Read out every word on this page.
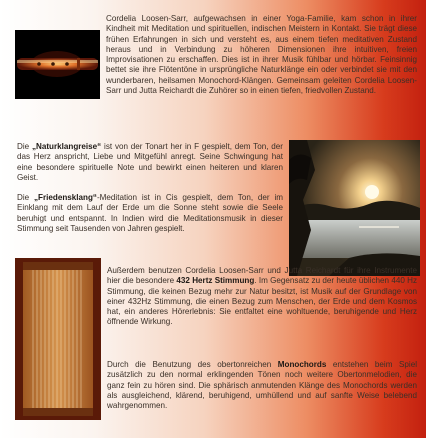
Cordelia Loosen-Sarr, aufgewachsen in einer Yoga-Familie, kam schon in ihrer Kindheit mit Meditation und spirituellen, indischen Meistern in Kontakt. Sie trägt diese frühen Erfahrungen in sich und versteht es, aus einem tiefen meditativen Zustand heraus und in Verbindung zu höheren Dimensionen ihre intuitiven, freien Improvisationen zu erschaffen. Dies ist in ihrer Musik fühlbar und hörbar. Feinsinnig bettet sie ihre Flötentöne in ursprüngliche Naturklänge ein oder verbindet sie mit den wunderbaren, heilsamen Monochord-Klängen. Gemeinsam geleiten Cordelia Loosen-Sarr und Jutta Reichardt die Zuhörer so in einen tiefen, friedvollen Zustand.

Die „Naturklangreise“ ist von der Tonart her in F gespielt, dem Ton, der das Herz anspricht, Liebe und Mitgefühl anregt. Seine Schwingung hat eine besondere spirituelle Note und bewirkt einen heiteren und klaren Geist.

Die „Friedensklang“-Meditation ist in Cis gespielt, dem Ton, der im Einklang mit dem Lauf der Erde um die Sonne steht sowie die Seele beruhigt und entspannt. In Indien wird die Meditationsmusik in dieser Stimmung seit Tausenden von Jahren gespielt.

Außerdem benutzen Cordelia Loosen-Sarr und Jutta Reichardt für ihre Instrumente hier die besondere 432 Hertz Stimmung. Im Gegensatz zu der heute üblichen 440 Hz Stimmung, die keinen Bezug mehr zur Natur besitzt, ist Musik auf der Grundlage von einer 432Hz Stimmung, die einen Bezug zum Menschen, der Erde und dem Kosmos hat, ein anderes Hörerlebnis: Sie entfaltet eine wohltuende, beruhigende und Herz öffnende Wirkung.

Durch die Benutzung des obertonreichen Monochords entstehen beim Spiel zusätzlich zu den normal erklingenden Tönen noch weitere Obertonmelodien, die ganz fein zu hören sind. Die sphärisch anmutenden Klänge des Monochords werden als ausgleichend, klärend, beruhigend, umhüllend und auf sanfte Weise belebend wahrgenommen.
